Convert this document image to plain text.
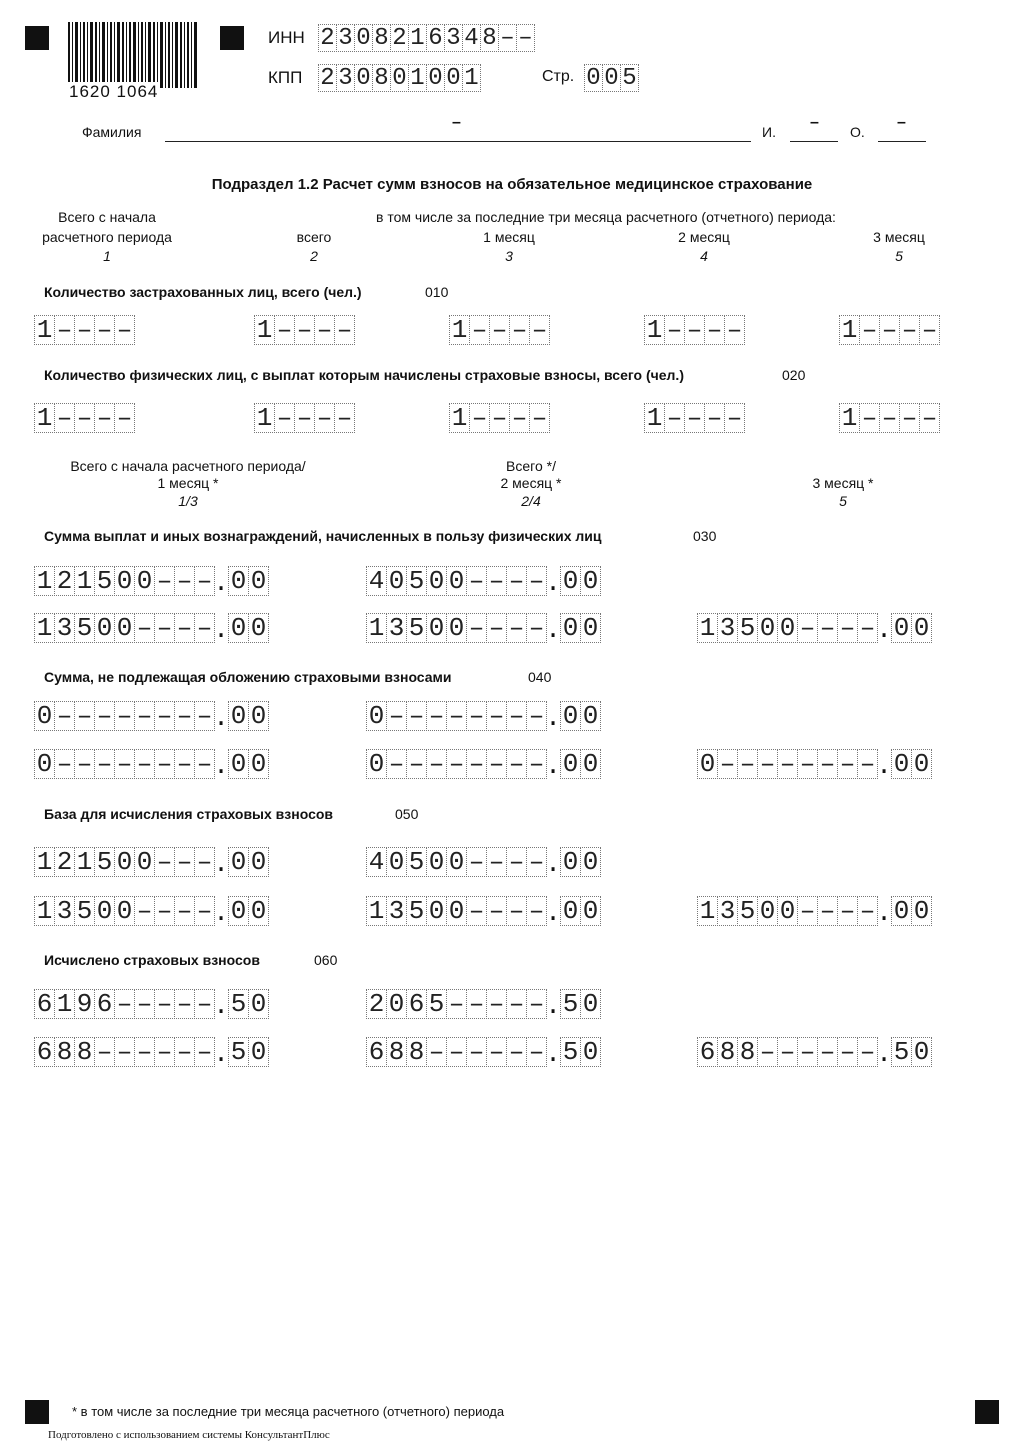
1620 1064
ИНН 2 3 0 8 2 1 6 3 4 8 – –
КПП 2 3 0 8 0 1 0 0 1	Стр. 0 0 5
Фамилия
–
И.
–
О.
–
Подраздел 1.2 Расчет сумм взносов на обязательное медицинское страхование
Всего с начала
расчетного периода
1
в том числе за последние три месяца расчетного (отчетного) периода:
всего
2
1 месяц
3
2 месяц
4
3 месяц
5
Количество застрахованных лиц, всего (чел.)	010
1 – – – –	1 – – – –	1 – – – –	1 – – – –	1 – – – –
Количество физических лиц, с выплат которым начислены страховые взносы, всего (чел.)	020
1 – – – –	1 – – – –	1 – – – –	1 – – – –	1 – – – –
Всего с начала расчетного периода/
1 месяц *
1/3
Всего */
2 месяц *
2/4
3 месяц *
5
Сумма выплат и иных вознаграждений, начисленных в пользу физических лиц	030
1 2 1 5 0 0 – – – . 0 0	4 0 5 0 0 – – – – . 0 0
1 3 5 0 0 – – – – . 0 0	1 3 5 0 0 – – – – . 0 0	1 3 5 0 0 – – – – . 0 0
Сумма, не подлежащая обложению страховыми взносами	040
0 – – – – – – – – . 0 0	0 – – – – – – – – . 0 0
0 – – – – – – – – . 0 0	0 – – – – – – – – . 0 0	0 – – – – – – – – . 0 0
База для исчисления страховых взносов	050
1 2 1 5 0 0 – – – . 0 0	4 0 5 0 0 – – – – . 0 0
1 3 5 0 0 – – – – . 0 0	1 3 5 0 0 – – – – . 0 0	1 3 5 0 0 – – – – . 0 0
Исчислено страховых взносов	060
6 1 9 6 – – – – – . 5 0	2 0 6 5 – – – – – . 5 0
6 8 8 – – – – – – . 5 0	6 8 8 – – – – – – . 5 0	6 8 8 – – – – – – . 5 0
* в том числе за последние три месяца расчетного (отчетного) периода
Подготовлено с использованием системы КонсультантПлюс
